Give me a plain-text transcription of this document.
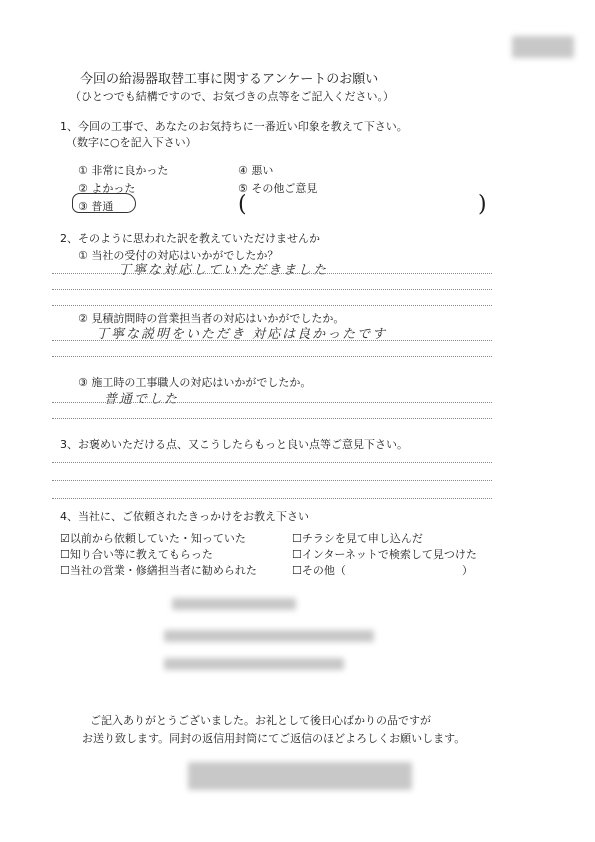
今回の給湯器取替工事に関するアンケートのお願い
（ひとつでも結構ですので、お気づきの点等をご記入ください。）
1、今回の工事で、あなたのお気持ちに一番近い印象を教えて下さい。
（数字に○を記入下さい）
① 非常に良かった
② よかった
③ 普通
④ 悪い
⑤ その他ご意見
(	)
2、そのように思われた訳を教えていただけませんか
① 当社の受付の対応はいかがでしたか？
丁寧な対応していただきました
② 見積訪問時の営業担当者の対応はいかがでしたか。
丁寧な説明をいただき 対応は良かったです
③ 施工時の工事職人の対応はいかがでしたか。
普通でした
3、お褒めいただける点、又こうしたらもっと良い点等ご意見下さい。
4、当社に、ご依頼されたきっかけをお教え下さい
☑以前から依頼していた・知っていた
☐知り合い等に教えてもらった
☐当社の営業・修繕担当者に勧められた
☐チラシを見て申し込んだ
☐インターネットで検索して見つけた
☐その他（	）
ご記入ありがとうございました。お礼として後日心ばかりの品ですが
お送り致します。同封の返信用封筒にてご返信のほどよろしくお願いします。
